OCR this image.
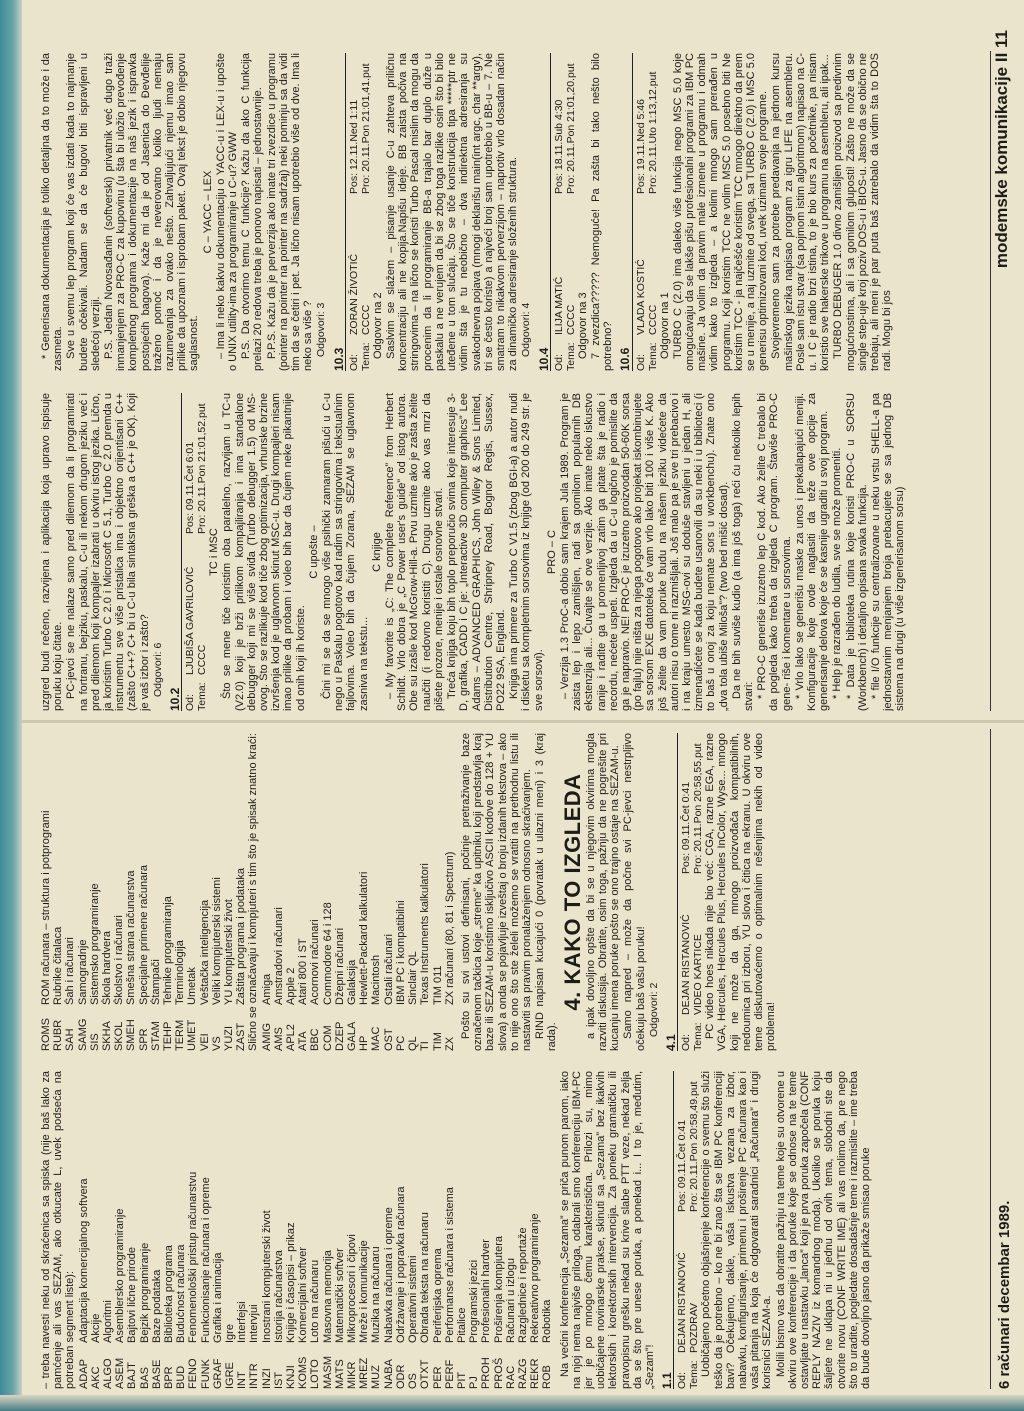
– treba navesti neku od skraćenica sa spiska (nije baš lako za pamćenje ali vas SEZAM, ako otkucate L, uvek podseća na potreban segment liste): ADAP
Adaptacija komercijalnog softvera
AKC
Akcije
ALGO
Algoritmi
ASEM
Asemblersko programiranje
BAJT
Bajtovi lične prirode
BAS
Bejzik programiranje
BASE
Baze podataka
BPR
Biblioteka programa
BUD
Budućnost računara
FENO
Fenomenološki pristup računarstvu
FUNK
Funkcionisanje računara i opreme
GRAF
Grafika i animacija
IGRE
Igre
INT
Interfejsi
INTR
Intervjui
INZI
Inostrani kompjuterski život
IST
Istorija računarstva
KNJI
Knjige i časopisi – prikaz
KOMS
Komercijalni softver
LOTO
Loto na računaru
MASM
Masovna memorija
MATS
Matematički softver
MIKR
Mikroprocesori i čipovi
MREZ
Mreže i komunikacije
MUZ
Muzika na računaru
NABA
Nabavka računara i opreme
ODR
Održavanje i popravka računara
OS
Operativni sistemi
OTXT
Obrada teksta na računaru
PER
Periferijska oprema
PERF
Performanse računara i sistema
PIT
Pitalice
PJ
Programski jezici
PROH
Profesionalni hardver
PROŠ
Proširenja kompjutera
RAC
Računari u izlogu
RAZG
Razglednice i reportaže
REKR
Rekreativno programiranje
ROB
Robotika Na većini konferencija „Sezama” se priča punom parom, iako na njoj nema najviše priloga, odabrali smo konferenciju IBM-PC jer je po mnogo čemu karakteristična. Prilozi su, mimo uobičajene novinarske prakse, skinuti sa „Sezama” bez ikakvih lektorskih i korektorskih intervencija. Za poneku gramatičku ili pravopisnu grešku nekad su krive slabe PTT veze, nekad želja da se što pre unese poruka, a ponekad i... I to je, međutim, „Sezam”! 1.1 Od:
DEJAN RISTANOVIĆ
Pos: 09.11.Čet 0:41
Tema:
POZDRAV
Pro: 20.11.Pon 20:58,49.put Uobičajeno početno objašnjenje konferencije o svemu što služi teško da je potrebno – ko ne bi znao šta se IBM PC konferenciji bavi? Očekujemo, dakle, vaša iskustva vezana za izbor, nabavku, konfigurisanje, primenu i proširenje PC računara kao i vaša pitanja na koja će odgovarati saradnici „Računara” i drugi korisnici SEZAM-a. Molili bismo vas da obratite pažnju na teme koje su otvorene u okviru ove konferencije i da poruke koje se odnose na te teme ostavljate u nastavku „lanca” koji je prva poruka započela (CONF REPLY NAZIV iz komandnog moda). Ukoliko se poruka koju šaljete ne uklapa ni u jednu od ovih tema, slobodni ste da otvorite novu (CONF WRITE IME) ali vas molimo da, pre nego što to uradite, pogledate dosadašnje teme i razmislite – ime treba da bude dovoljno jasno da prikaže smisao poruke

ROMS
ROM računara – struktura i potprogrami
RUBR
Rubrike čitalaca
SAH
Šah i računari
SAMG
Samogradnje
SIS
Sistemsko programiranje
SKHA
Škola hardvera
SKOL
Školstvo i računari
SMEH
Smešna strana računarstva
SPR
Specijalne primene računara
STAM
Štampači
TEHP
Tehnike programiranja
TERM
Terminologija
UMET
Umetak
VEI
Veštačka inteligencija
VS
Veliki kompjuterski sistemi
YUZI
YU kompjuterski život
ZAST
Zaštita programa i podataka Slično se označavaju i kompjuteri s tim što je spisak znatno kraći: AMIG
Amiga
AMS
Amstradovi računari
APL2
Apple 2
ATA
Atari 800 i ST
BBC
Acornovi računari
COM
Commodore 64 i 128
DZEP
Džepni računari
GALA
Galaksija
HP
Hewlett-Packard kalkulatori
MAC
Macintosh
OST
Ostali računari
PC
IBM PC i kompatibilni
QL
Sinclair QL
TI
Texas Instruments kalkulatori
TIM
TIM 011
ZX
ZX računari (80, 81 i Spectrum) Pošto su svi ustovi definisani, počinje pretraživanje baze označenom tačkica koje „streme” ka upitniku koji predstavlja kraj baze ili SEZAM-u koristimo isključivo ASCII kodove do 128 + YU slova) a onda se pojavljuje izveštaj o broju izdanih tekstova – ako to nije ono što ste želeli možemo se vratiti na prethodnu listu ili nastaviti sa pravim pronalaženjem odnosno skraćivanjem. RIND napisan kucajući 0 (povratak u ulazni meni) i 3 (kraj rada).

4. KAKO TO IZGLEDA a ipak dovoljno opšte da bi se u njegovim okvirima mogla razviti diskusija. Obratite, osim toga, pažnju da ne pogrešite pri kucanju imena poruke pošto se ono trajno ostaje na SEZAM-u. Samo napred – može da počne svi PC-jevci nestrpljivo očekuju baš vašu poruku! Odgovori: 2
4.1 Od:
DEJAN RISTANOVIĆ
Pos: 09.11.Čet 0:41
Tema:
VIDEO KARTICE
Pro: 20.11.Pon 20:58,55.put PC video hoes nikada nije bio već: CGA, razne EGA, razne VGA, Hercules, Hercules Plus, Hercules InColor, Wyse... mnogo koji ne može da ga, mnogo proizvođača kompatibilnih, nedoumica pri izboru, YU slova i čitica na ekranu. U okviru ove teme diskutovaćemo o optimalnim rešenjima nekih od video problema!

uzgred budi rečeno, razvijena i aplikacija koja upravo ispisuje poruku koju čitate. PC-jevci se ne nalaze samo pred dilemom da li programirati na fortranu, bejziku, paskalu, C-u ili nekom drugom jeziku već i pred dilemom koji kompajler izabrati u okviru istog jezika. Lično, ja koristim Turbo C 2.0 i Microsoft C 5.1, Turbo C 2.0 premda u instrumentu sve više pristalica ima i objektno orijentisani C++ (zašto C++? C+ bi u C-u bila sintaksna greška a C++ je OK). Koji je vaš izbor i zašto? Odgovori: 6
10.2 Od:
LJUBIŠA GAVRILOVIĆ
Pos: 09.11.Čet 6:01
Tema:
CCCC
Pro: 20.11.Pon 21:01,52.put

TC i MSC Što se mene tiče koristim oba paralelno, razvijam u TC-u (V2.0) koji je brži prilikom kompajliranja i ima standalone debugger koji mi se više sviđa (Turbo debugger 1.5) od MS-ovog. Što se razlikuje kod tiče zbog optimizacija, vrhunske brzine izvršenja kod je uglavnom skinut MSC-u. Drugi kompajleri nisam imao prilike da probam i voleo bih bar da čujem neke pikantnije od onih koji ih koriste.

C upošte – Čini mi se da se mnogo više psihički zamaram pišući u C-u nego u Paskalu pogotovo kad radim sa stringovima i tekstualnim fajlovima. Voleo bih da čujem Zorana, SEZAM se uglavnom zasniva na tekstu...

C knjige – My favorite is „C: The complete Reference” from Herbert Schildt. Vrlo dobra je „C Power user's guide” od istog autora. Obe su izašle kod McGrow-Hill-a. Prvu uzmite ako je zašta želite naučiti (i redovno koristiti C). Drugu uzmite ako vas mrzi da pišete prozore, menije i ostale osnovne stvari. Treća knjiga koju bih toplo preporučio svima koje interesuje 3-D, grafika, CADD i C je: „Interactive 3D computer graphics” Lee Adams – ADVANCED GRAPHICS, John Wiley & Sons Limited, Distribution Centre, Shripney Road, Bognor Regis, Sussex, PO22 9SA, England. Knjiga ima primere za Turbo C V1.5 (zbog BGI-a) a autor nudi i disketu sa kompletnim sorsovima iz knjige (od 200 do 249 str. je sve sorsovi).

PRO – C – Verzija 1.3 ProC-a dobio sam krajem Jula 1989. Program je zaista lep i lepo zamišljen, radi sa gomilom popularnih DB ekstenzija ali... Čuvajte se ove verzije. Ako imate neko iskustvo ranije i radite ga u promenljivoj zatim ga pitate šta je radio i recordu, nećete uspeti. Izgleda da u C-u logično je pomislite da ga je napravio. NE! PRO-C je izuzetno proizvodan 50-60K sorsa (po fajlu) nije ništa za njega pogotovo ako projekat iskombinujete sa sorsom EXE datoteka će vam vrlo lako biti 100 i više K. Ako još želite da vam poruke budu na našem jeziku videćete da autori nisu o tome ni razmišljali. Još malo pa je sve tri prebacivo i i na kraju umesto MSG-ovi su doduše stavljeni u jedan H, ali izmenadićete se kada budete usanovili da su neki i u biblioteci (i to baš u onoj za koju nemate sors u workbenchu). Znate ono „dva tola ubiše Miloša”? (two bed mišić dosad). Da ne bih suviše kudio (a ima još toga) reći ću nekoliko lepih stvari: * PRO-C generiše izuzetno lep C kod. Ako želite C trebalo bi da pogleda kako treba da izgleda C program. Štaviše PRO-C gene- riše i komentare u sorsovima. * Vrlo lako se generišu maske za unos i prekalapajući meniji. Konfiguracije koje ovde naglasiti da teže ove opcije za generisanje delova koje će se kasnije ugraditi u svoj program. * Help je razrađen do ludila, sve se može promeniti. * Data je biblioteka rutina koje koristi PRO-C u SORSU (Workbench) i detaljno opisana svaka funkcija. * file I/O funkcije su centralizovane u neku vrstu SHELL-a pa jednostavnim menjanjem broja prebacujete se sa jednog DB sistema na drugi (u više izgenerisanom sorsu)

* Generisana dokumentacija je toliko detaljna da to može i da zasmeta. Sve u svemu lep program koji će vas izdati kada to najmanje budete očekivali. Nadam se da će bugovi biti ispravljeni u sledećoj verziji. P.S. Jedan Novosađanin (softverski) privatnik već dugo traži inmanjenjem za PRO-C za kupovinu (u šta bi uložio prevođenje kompletnog programa i dokumentacije na naš jezik i ispravka postojećih bagova). Kaže mi da je od Jasenica do Đevđelije traženo pomoć i da je neverovatno koliko ljudi nemaju razumevanja za ovako nešto. Zahvaljujući njemu imao sam prilike da upoznam i isprobam paket. Ovaj tekst je dobio njegovu saglasnost.

C – YACC – LEX – Ima li neko kakvu dokumentaciju o YACC-u i LEX-u i upošte o UNIX utility-ima za programiranje u C-u? GWW P.S. Da otvorimo temu C funkcije? Kažu da ako C funkcija prelazi 20 redova treba je ponovo napisati – jednostavnije. P.P.S. Kažu da je perverzija ako imate tri zvezdice u programu (pointer na pointer na pointer na sadržaj) neki pominju sa da vidi tim da se četiri i pet. Ja lično nisam upotrebio više od dve. Ima li neko sa više ? Odgovori: 3
10.3 Od:
ZORAN ŽIVOTIĆ
Pos: 12.11.Ned 1:11
Tema:
CCCC
Pro: 20.11.Pon 21:01,41.put

Odgovor na 2 Saslvim se slažem – pisanje usanje C-u zahteva priličnu koncentraciju ali ne kopija.Napišu ideje. BB zaista počiva na stringovima – na lično se koristi Turbo Pascal mislim da mogu da procenim da li programiranje BB-a trajalo bar duplo duže u paskalu a ne verujem da bi se zbog toga razlike osim što bi bilo uteđene u tom slučaju. Što se tiče konstrukcija tipa *****ptr ne vidim šta je tu neobično – dva indirektna adresiranja su svakodnevna pojava (mnogi deklarišu main(int argc, char **argv), tri se često koriste) a najveći broj sam upotrebio u BB-u – 7. Ne smatram to nikakvom perverzijom – naprotiv vrlo dosadan način za dinamičko adresiranje složenih struktura. Odgovori: 4
10.4 Od:
ILIJA MATIĆ
Pos: 18.11.Sub 4:30
Tema:
CCCC
Pro: 20.11.Pon 21:01,20.put

Odgovor na 3 7 zvezdica????? Nemoguće! Pa zašta bi tako nešto bilo potrebno? 10.6 Od:
VLADA KOSTIĆ
Pos: 19.11.Ned 5:46
Tema:
CCCC
Pro: 20.11.Uto 1:13,12.put

Odgovor na 1 TURBO C (2.0) ima daleko više funkcija nego MSC 5.0 koje omogućavaju da se lakše pišu profesionalni programi za IBM PC mašine. Ja volim da pravim male izmene u programu i odmah vidim kako to izgleda – a kolimi mnogo sam prerađen u programu. Koji koristim TCC ne volim MSC 5.0 posebno biti Ne koristim TCC - ja najčešće koristim TCC mnogo direktno da prem se u menije, a naj uzmite od svega, sa TURBO C (2.0) i MSC 5.0 generisu optimizovani kod, uvek uzimam svoje programe. Svojevremeno sam za potrebe predavanja na jednom kursu mašinskog jezika napisao program za igru LIFE na asembleru. Posle sam istu stvar (sa pojmom istim algoritmom) napisao na C-u. I C je radio brzi istina, to je bio kurs za početnike, pa nisam koristio sve hakerske trikove u programu na asembleru, ali ipak... TURBO DEBUGER 1.0 divno zamišljen proizvod sa predivnim mogućnostima, ali i sa gomilom gluposti! Zašto ne može da se single step-uje kroj poziv DOS-u i BIOS-u. Jasno da se obično ne trebaju, ali meni je par puta baš zatrebalo da vidim šta to DOS radi. Mogu bi jos

6 računari decembar 1989.
modemske komunikacije II 11
